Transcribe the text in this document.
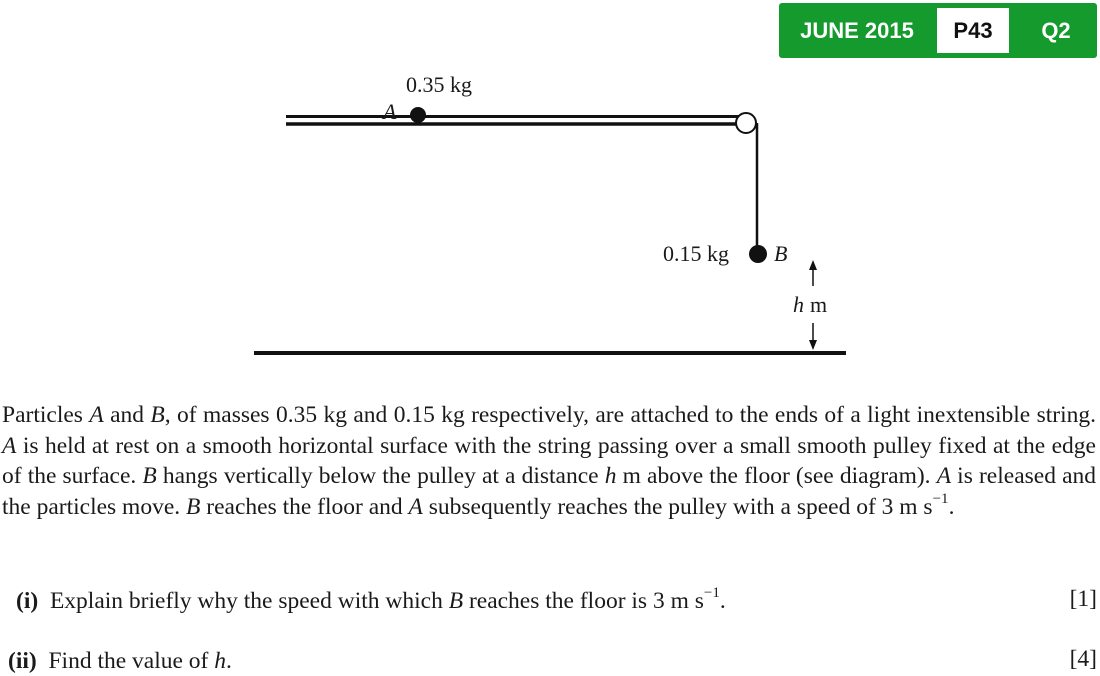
JUNE 2015	P43	Q2
A
0.35 kg
B
0.15 kg
h m
Particles A and B, of masses 0.35 kg and 0.15 kg respectively, are attached to the ends of a light inextensible string. A is held at rest on a smooth horizontal surface with the string passing over a small smooth pulley fixed at the edge of the surface. B hangs vertically below the pulley at a distance h m above the floor (see diagram). A is released and the particles move. B reaches the floor and A subsequently reaches the pulley with a speed of 3 m $s^{-1}$.
(i) Explain briefly why the speed with which B reaches the floor is 3 m $s^{-1}$.	[1]
(ii) Find the value of h.	[4]
